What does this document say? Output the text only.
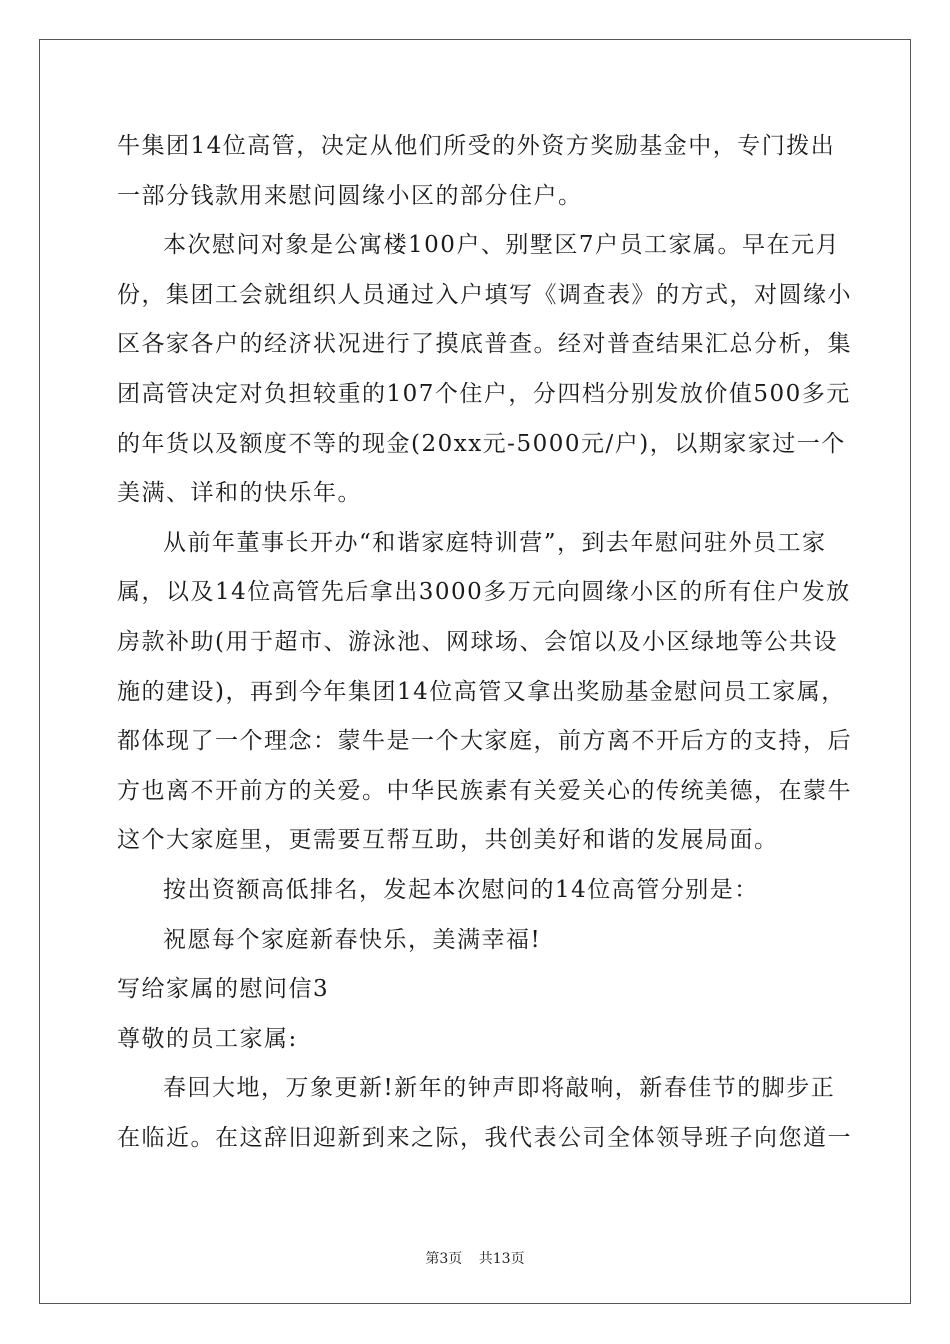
牛集团14位高管，决定从他们所受的外资方奖励基金中，专门拨出
一部分钱款用来慰问圆缘小区的部分住户。
本次慰问对象是公寓楼100户、别墅区7户员工家属。早在元月
份，集团工会就组织人员通过入户填写《调查表》的方式，对圆缘小
区各家各户的经济状况进行了摸底普查。经对普查结果汇总分析，集
团高管决定对负担较重的107个住户，分四档分别发放价值500多元
的年货以及额度不等的现金(20xx元-5000元/户)，以期家家过一个
美满、详和的快乐年。
从前年董事长开办“和谐家庭特训营”，到去年慰问驻外员工家
属，以及14位高管先后拿出3000多万元向圆缘小区的所有住户发放
房款补助(用于超市、游泳池、网球场、会馆以及小区绿地等公共设
施的建设)，再到今年集团14位高管又拿出奖励基金慰问员工家属，
都体现了一个理念：蒙牛是一个大家庭，前方离不开后方的支持，后
方也离不开前方的关爱。中华民族素有关爱关心的传统美德，在蒙牛
这个大家庭里，更需要互帮互助，共创美好和谐的发展局面。
按出资额高低排名，发起本次慰问的14位高管分别是：
祝愿每个家庭新春快乐，美满幸福!
写给家属的慰问信3
尊敬的员工家属:
春回大地，万象更新!新年的钟声即将敲响，新春佳节的脚步正
在临近。在这辞旧迎新到来之际，我代表公司全体领导班子向您道一
第3页 共13页
